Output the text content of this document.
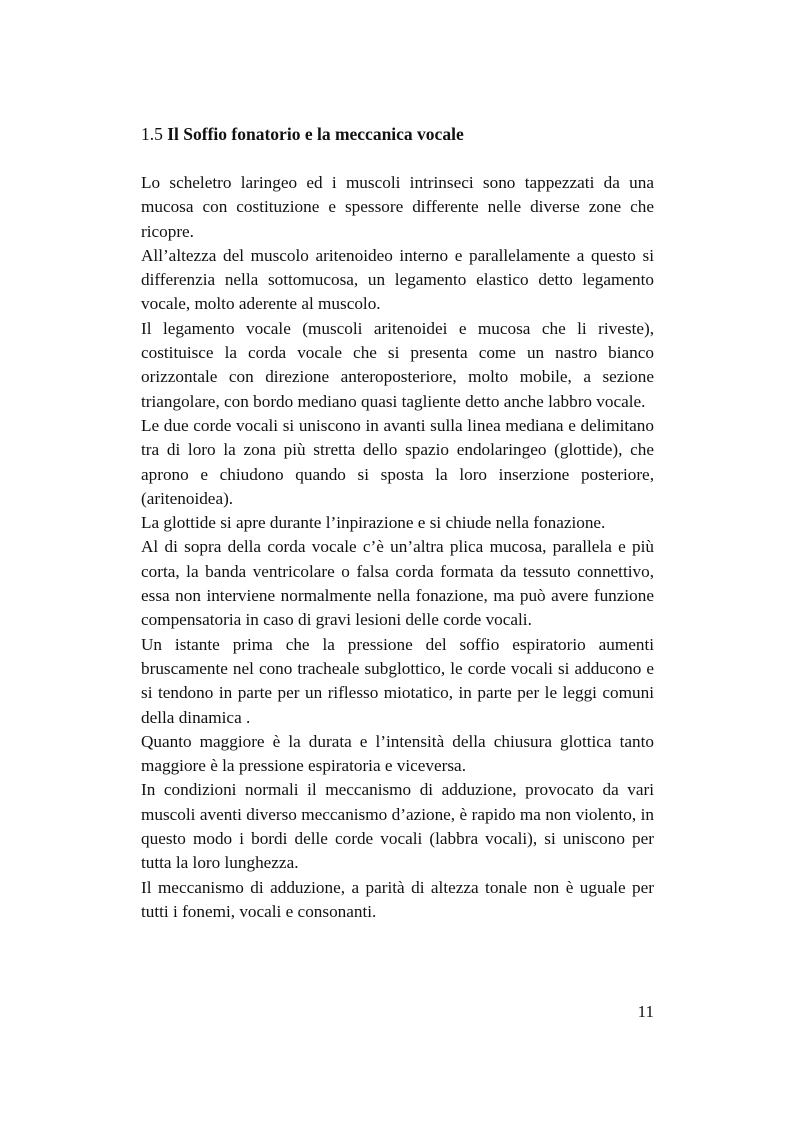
1.5 Il Soffio fonatorio e la meccanica vocale

Lo scheletro laringeo ed i muscoli intrinseci sono tappezzati da una mucosa con costituzione e spessore differente nelle diverse zone che ricopre.

All’altezza del muscolo aritenoideo interno e parallelamente a questo si differenzia nella sottomucosa, un legamento elastico detto legamento vocale, molto aderente al muscolo.

Il legamento vocale (muscoli aritenoidei e mucosa che li riveste), costituisce la corda vocale che si presenta come un nastro bianco orizzontale con direzione anteroposteriore, molto mobile, a sezione triangolare, con bordo mediano quasi tagliente detto anche labbro vocale.

Le due corde vocali si uniscono in avanti sulla linea mediana e delimitano tra di loro la zona più stretta dello spazio endolaringeo (glottide), che aprono e chiudono quando si sposta la loro inserzione posteriore, (aritenoidea).

La glottide si apre durante l’inpirazione e si chiude nella fonazione.

Al di sopra della corda vocale c’è un’altra plica mucosa, parallela e più corta, la banda ventricolare o falsa corda formata da tessuto connettivo, essa non interviene normalmente nella fonazione, ma può avere funzione compensatoria in caso di gravi lesioni delle corde vocali.

Un istante prima che la pressione del soffio espiratorio aumenti bruscamente nel cono tracheale subglottico, le corde vocali si adducono e si tendono in parte per un riflesso miotatico, in parte per le leggi comuni della dinamica .

Quanto maggiore è la durata e l’intensità della chiusura glottica tanto maggiore è la pressione espiratoria e viceversa.

In condizioni normali il meccanismo di adduzione, provocato da vari muscoli aventi diverso meccanismo d’azione, è rapido ma non violento, in questo modo i bordi delle corde vocali (labbra vocali), si uniscono per tutta la loro lunghezza.

Il meccanismo di adduzione, a parità di altezza tonale non è uguale per tutti i fonemi, vocali e consonanti.

11
